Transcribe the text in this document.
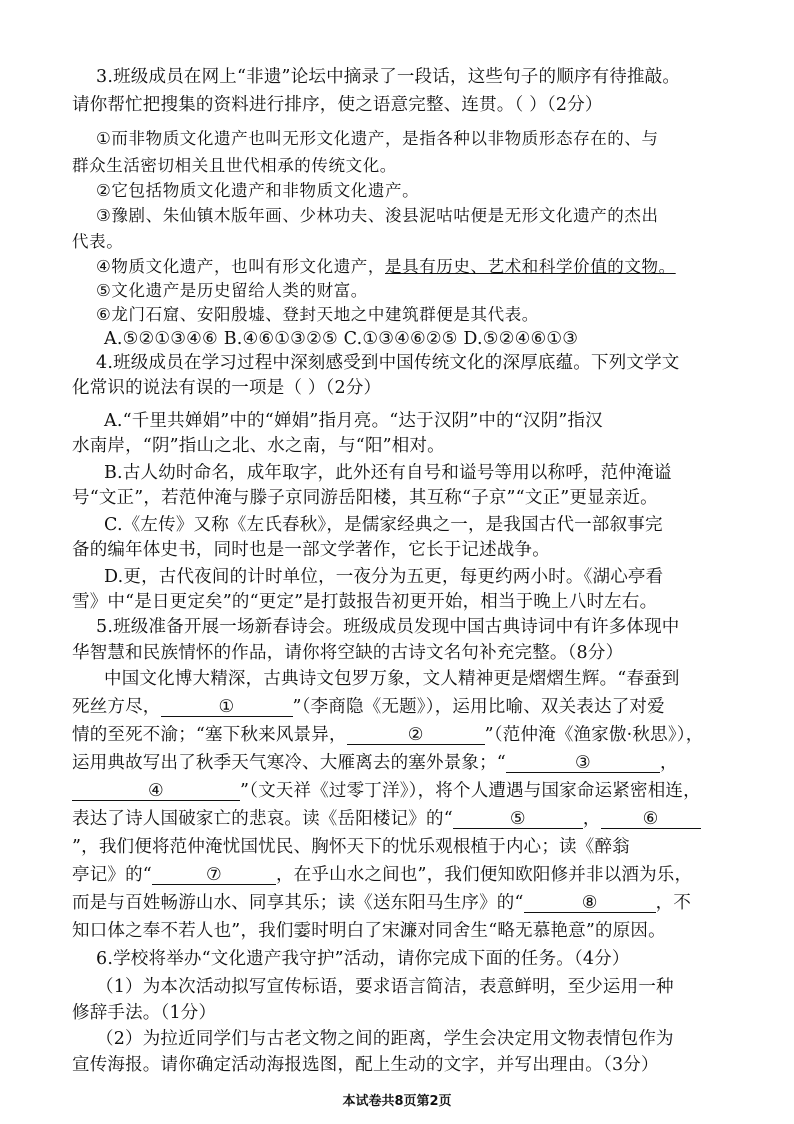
3.班级成员在网上“非遗”论坛中摘录了一段话，这些句子的顺序有待推敲。
请你帮忙把搜集的资料进行排序，使之语意完整、连贯。（ ）（2分）
①而非物质文化遗产也叫无形文化遗产，是指各种以非物质形态存在的、与
群众生活密切相关且世代相承的传统文化。
②它包括物质文化遗产和非物质文化遗产。
③豫剧、朱仙镇木版年画、少林功夫、浚县泥咕咕便是无形文化遗产的杰出
代表。
④物质文化遗产，也叫有形文化遗产，是具有历史、艺术和科学价值的文物。
⑤文化遗产是历史留给人类的财富。
⑥龙门石窟、安阳殷墟、登封天地之中建筑群便是其代表。
A.⑤②①③④⑥ B.④⑥①③②⑤ C.①③④⑥②⑤ D.⑤②④⑥①③
4.班级成员在学习过程中深刻感受到中国传统文化的深厚底蕴。下列文学文
化常识的说法有误的一项是（ ）（2分）
A.“千里共婵娟”中的“婵娟”指月亮。“达于汉阴”中的“汉阴”指汉
水南岸，“阴”指山之北、水之南，与“阳”相对。
B.古人幼时命名，成年取字，此外还有自号和谥号等用以称呼，范仲淹谥
号“文正”，若范仲淹与滕子京同游岳阳楼，其互称“子京”“文正”更显亲近。
C.《左传》又称《左氏春秋》，是儒家经典之一，是我国古代一部叙事完
备的编年体史书，同时也是一部文学著作，它长于记述战争。
D.更，古代夜间的计时单位，一夜分为五更，每更约两小时。《湖心亭看
雪》中“是日更定矣”的“更定”是打鼓报告初更开始，相当于晚上八时左右。
5.班级准备开展一场新春诗会。班级成员发现中国古典诗词中有许多体现中
华智慧和民族情怀的作品，请你将空缺的古诗文名句补充完整。（8分）
中国文化博大精深，古典诗文包罗万象，文人精神更是熠熠生辉。“春蚕到
死丝方尽，	①	”（李商隐《无题》），运用比喻、双关表达了对爱
情的至死不渝；“塞下秋来风景异，	②	”（范仲淹《渔家傲·秋思》），
运用典故写出了秋季天气寒冷、大雁离去的塞外景象；“	③	，
④	”（文天祥《过零丁洋》），将个人遭遇与国家命运紧密相连，
表达了诗人国破家亡的悲哀。读《岳阳楼记》的“	⑤	， ⑥
”，我们便将范仲淹忧国忧民、胸怀天下的忧乐观根植于内心；读《醉翁
亭记》的“	⑦	，在乎山水之间也”，我们便知欧阳修并非以酒为乐，
而是与百姓畅游山水、同享其乐；读《送东阳马生序》的“	⑧	，不
知口体之奉不若人也”，我们霎时明白了宋濂对同舍生“略无慕艳意”的原因。
6.学校将举办“文化遗产我守护”活动，请你完成下面的任务。（4分）
（1）为本次活动拟写宣传标语，要求语言简洁，表意鲜明，至少运用一种
修辞手法。（1分）
（2）为拉近同学们与古老文物之间的距离，学生会决定用文物表情包作为
宣传海报。请你确定活动海报选图，配上生动的文字，并写出理由。（3分）
本试卷共8页第2页
